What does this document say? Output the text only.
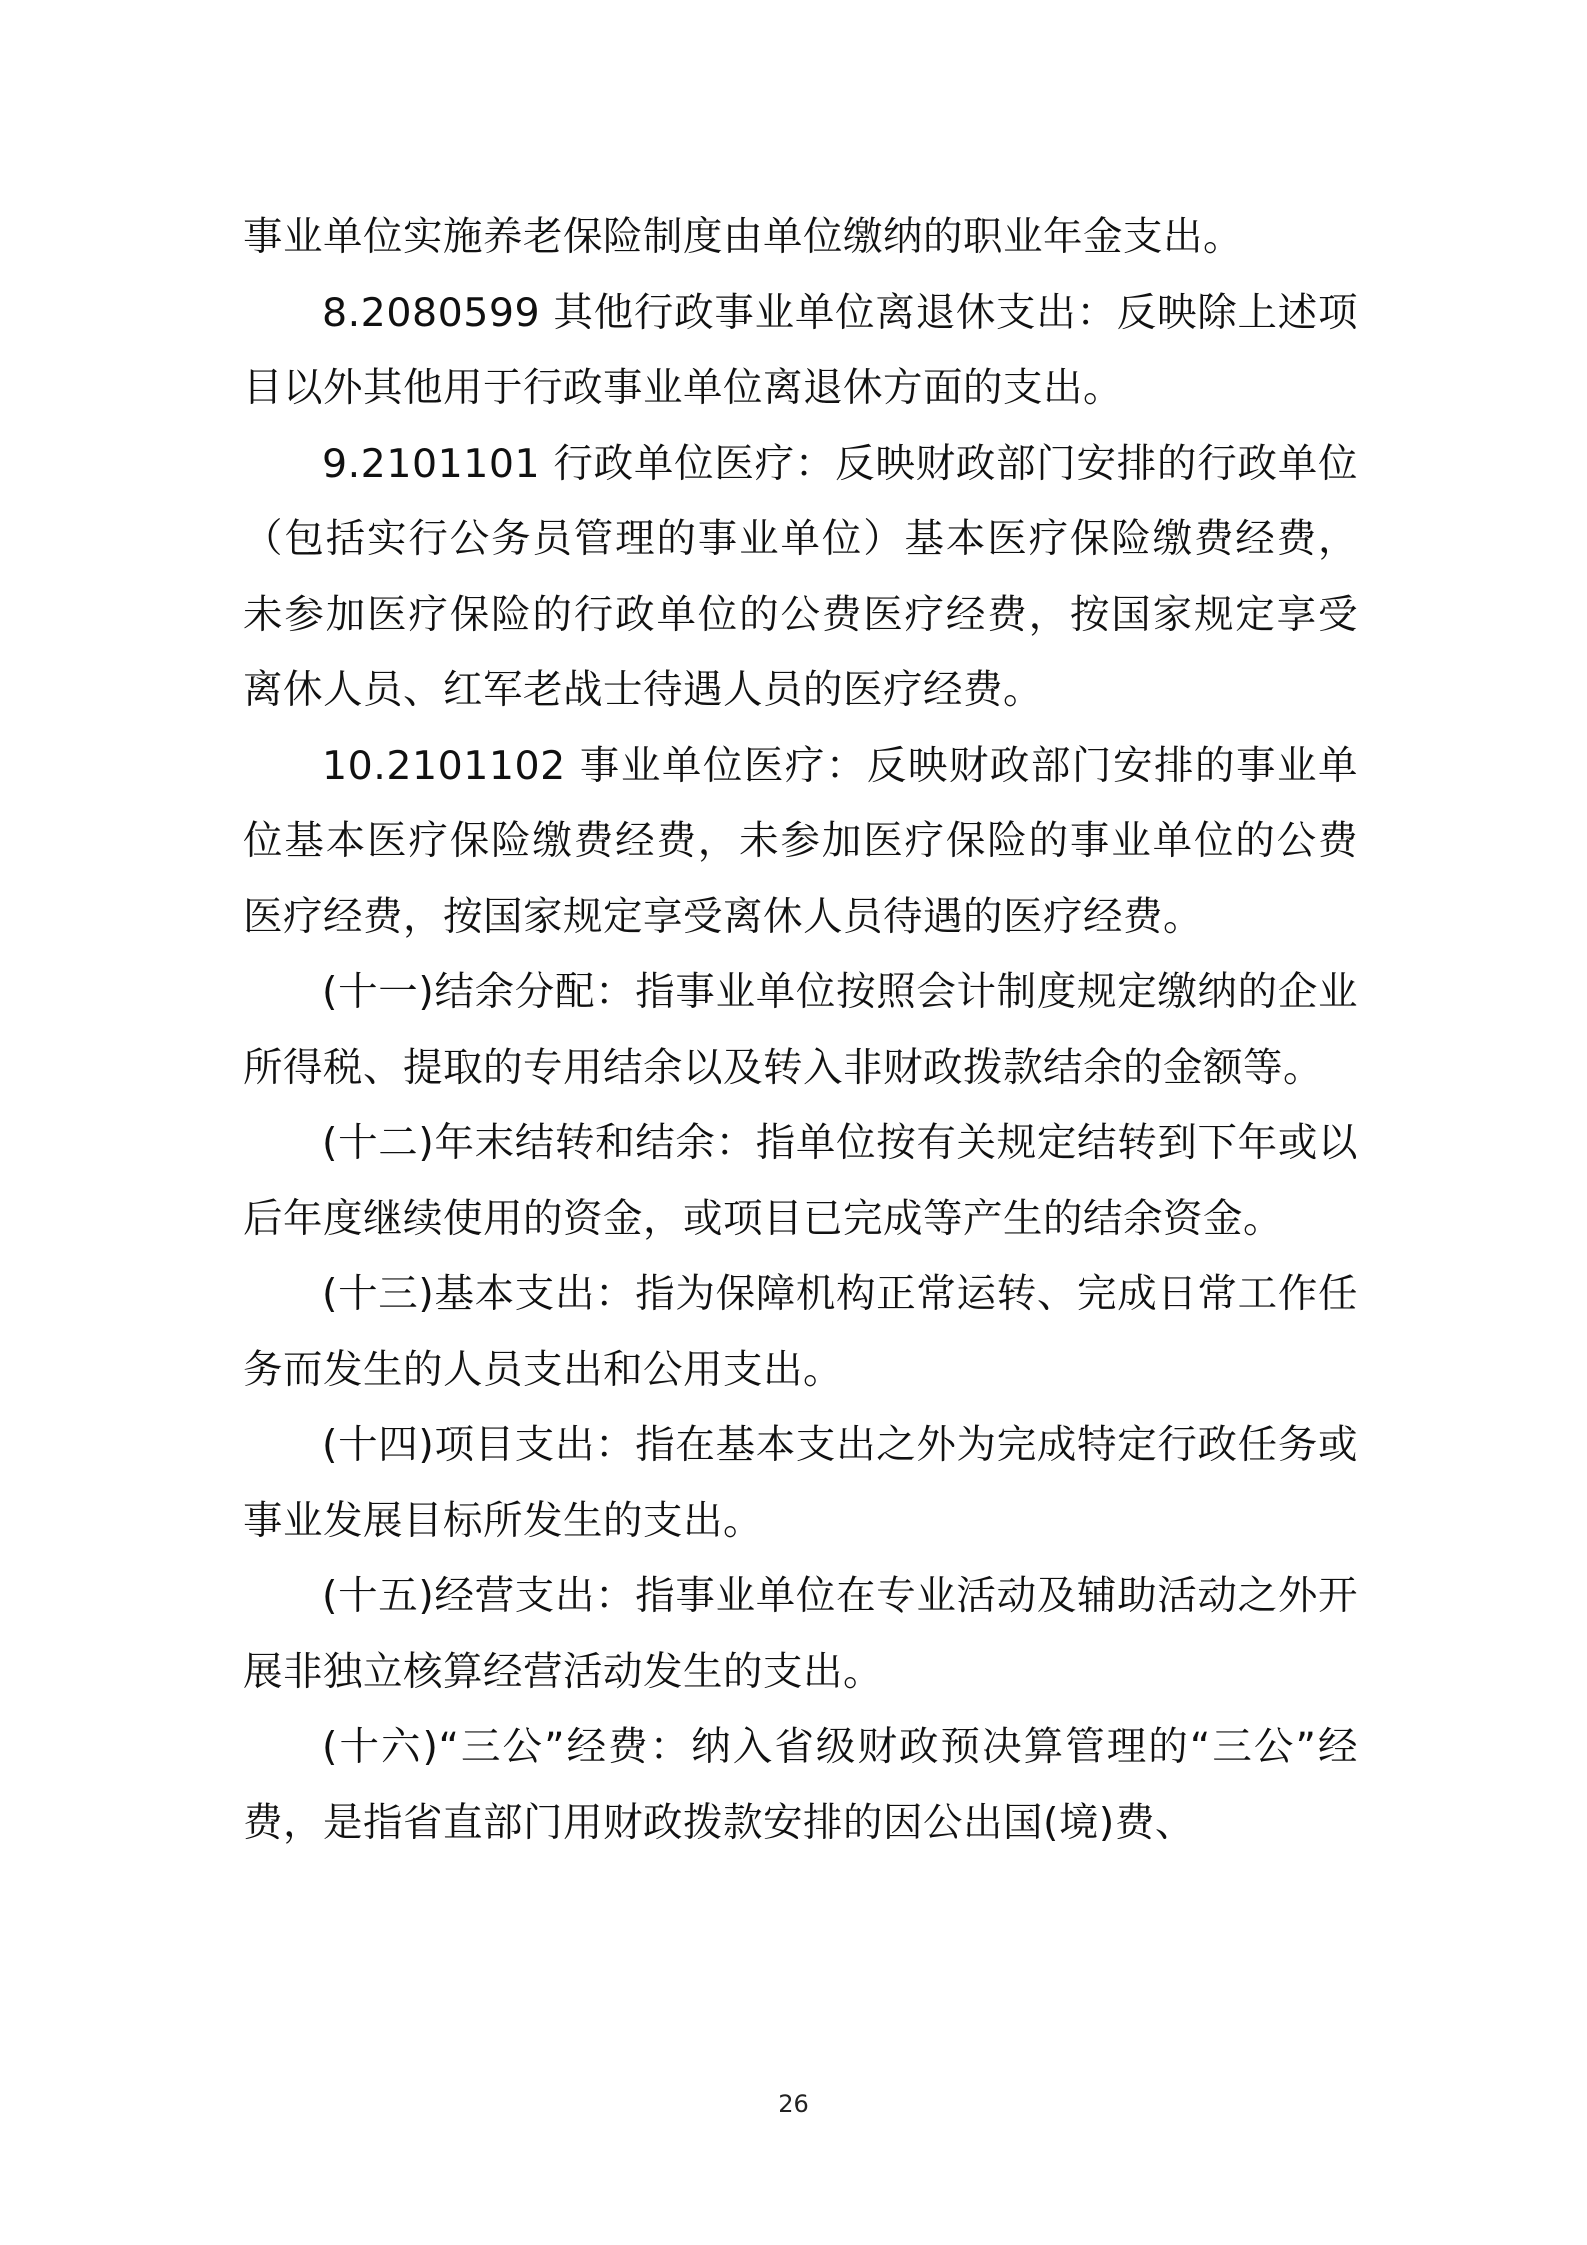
事业单位实施养老保险制度由单位缴纳的职业年金支出。

8.2080599 其他行政事业单位离退休支出：反映除上述项目以外其他用于行政事业单位离退休方面的支出。

9.2101101 行政单位医疗：反映财政部门安排的行政单位（包括实行公务员管理的事业单位）基本医疗保险缴费经费，未参加医疗保险的行政单位的公费医疗经费，按国家规定享受离休人员、红军老战士待遇人员的医疗经费。

10.2101102 事业单位医疗：反映财政部门安排的事业单位基本医疗保险缴费经费，未参加医疗保险的事业单位的公费医疗经费，按国家规定享受离休人员待遇的医疗经费。

(十一)结余分配：指事业单位按照会计制度规定缴纳的企业所得税、提取的专用结余以及转入非财政拨款结余的金额等。

(十二)年末结转和结余：指单位按有关规定结转到下年或以后年度继续使用的资金，或项目已完成等产生的结余资金。

(十三)基本支出：指为保障机构正常运转、完成日常工作任务而发生的人员支出和公用支出。

(十四)项目支出：指在基本支出之外为完成特定行政任务或事业发展目标所发生的支出。

(十五)经营支出：指事业单位在专业活动及辅助活动之外开展非独立核算经营活动发生的支出。

(十六)“三公”经费：纳入省级财政预决算管理的“三公”经费，是指省直部门用财政拨款安排的因公出国(境)费、

26
